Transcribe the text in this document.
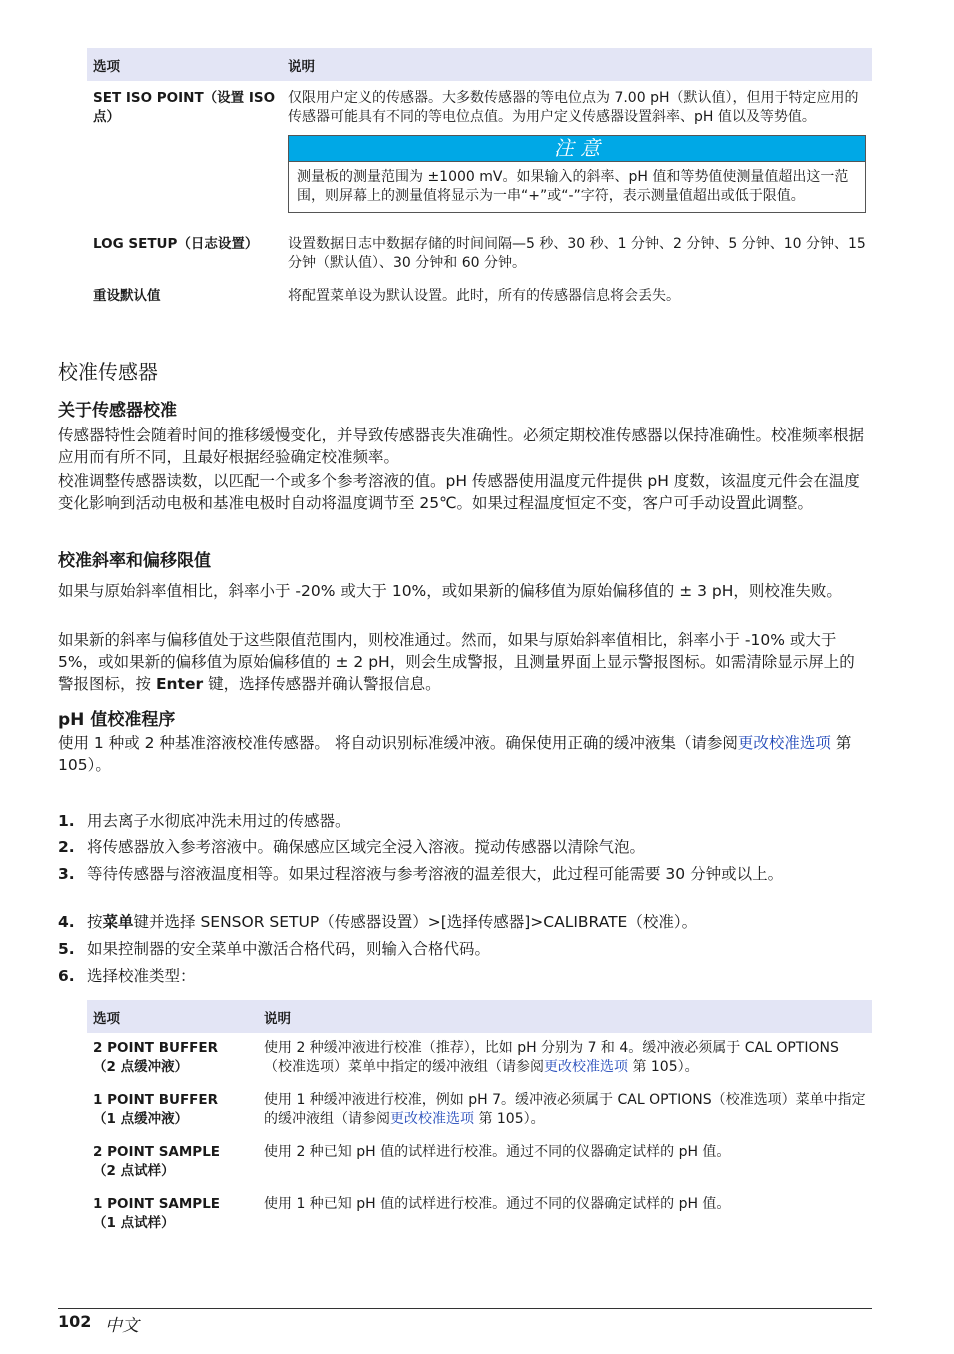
选项	说明
SET ISO POINT（设置 ISO 点）	仅限用户定义的传感器。大多数传感器的等电位点为 7.00 pH（默认值），但用于特定应用的传感器可能具有不同的等电位点值。为用户定义传感器设置斜率、pH 值以及等势值。
注 意
测量板的测量范围为 ±1000 mV。如果输入的斜率、pH 值和等势值使测量值超出这一范围，则屏幕上的测量值将显示为一串“+”或“-”字符，表示测量值超出或低于限值。

LOG SETUP（日志设置）	设置数据日志中数据存储的时间间隔—5 秒、30 秒、1 分钟、2 分钟、5 分钟、10 分钟、15 分钟（默认值）、30 分钟和 60 分钟。
重设默认值	将配置菜单设为默认设置。此时，所有的传感器信息将会丢失。
校准传感器
关于传感器校准

传感器特性会随着时间的推移缓慢变化，并导致传感器丧失准确性。必须定期校准传感器以保持准确性。校准频率根据应用而有所不同，且最好根据经验确定校准频率。

校准调整传感器读数，以匹配一个或多个参考溶液的值。pH 传感器使用温度元件提供 pH 度数，该温度元件会在温度变化影响到活动电极和基准电极时自动将温度调节至 25℃。如果过程温度恒定不变，客户可手动设置此调整。

校准斜率和偏移限值

如果与原始斜率值相比，斜率小于 -20% 或大于 10%，或如果新的偏移值为原始偏移值的 ± 3 pH，则校准失败。

如果新的斜率与偏移值处于这些限值范围内，则校准通过。然而，如果与原始斜率值相比，斜率小于 -10% 或大于 5%，或如果新的偏移值为原始偏移值的 ± 2 pH，则会生成警报，且测量界面上显示警报图标。如需清除显示屏上的警报图标，按 Enter 键，选择传感器并确认警报信息。

pH 值校准程序

使用 1 种或 2 种基准溶液校准传感器。 将自动识别标准缓冲液。确保使用正确的缓冲液集（请参阅更改校准选项 第 105）。

1. 用去离子水彻底冲洗未用过的传感器。
2. 将传感器放入参考溶液中。确保感应区域完全浸入溶液。搅动传感器以清除气泡。
3. 等待传感器与溶液温度相等。如果过程溶液与参考溶液的温差很大，此过程可能需要 30 分钟或以上。
4. 按菜单键并选择 SENSOR SETUP（传感器设置）>[选择传感器]>CALIBRATE（校准）。
5. 如果控制器的安全菜单中激活合格代码，则输入合格代码。
6. 选择校准类型：
选项	说明

2 POINT BUFFER
（2 点缓冲液）	使用 2 种缓冲液进行校准（推荐），比如 pH 分别为 7 和 4。缓冲液必须属于 CAL OPTIONS（校准选项）菜单中指定的缓冲液组（请参阅更改校准选项 第 105）。

1 POINT BUFFER
（1 点缓冲液）	使用 1 种缓冲液进行校准，例如 pH 7。缓冲液必须属于 CAL OPTIONS（校准选项）菜单中指定的缓冲液组（请参阅更改校准选项 第 105）。

2 POINT SAMPLE
（2 点试样）	使用 2 种已知 pH 值的试样进行校准。通过不同的仪器确定试样的 pH 值。

1 POINT SAMPLE
（1 点试样）	使用 1 种已知 pH 值的试样进行校准。通过不同的仪器确定试样的 pH 值。
102 中文
